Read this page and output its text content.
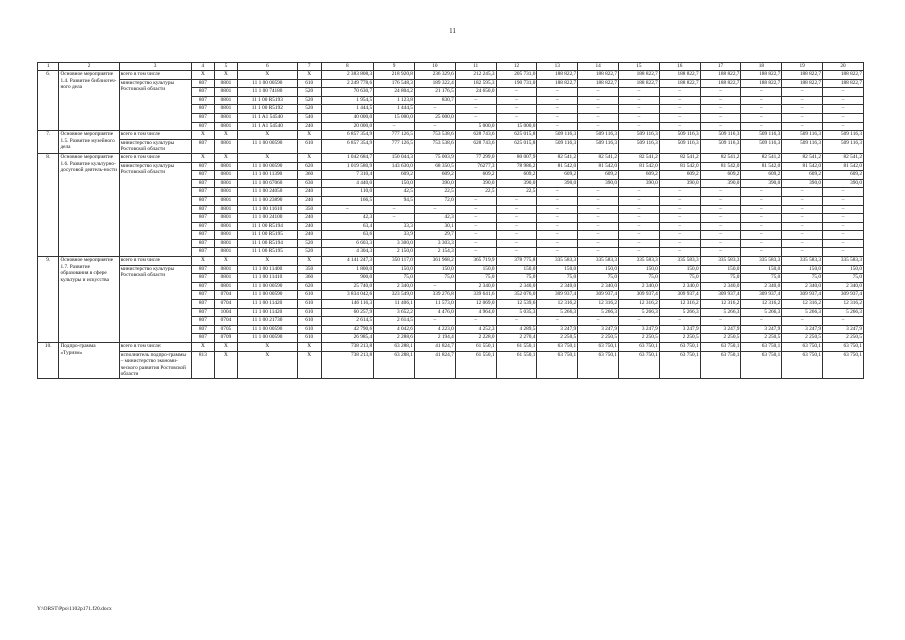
11
1	2	3	4	5	6	7	8	9	10	11	12	13	14	15	16	17	18	19	20
6.	Основное мероприятие 1.4. Развитие библиотеч-ного дела	всего в том числе	X	X	X	X	2 383 808,3	218 920,8	236 329,6	212 245,3	205 731,0	188 822,7	188 822,7	188 822,7	188 822,7	188 822,7	188 822,7	188 822,7	188 822,7
		министерство культуры Ростовской области	807	0801	11 1 00 00590	610	2 249 778,6	176 548,3	189 322,4	182 595,3	190 731,0	188 822,7	188 822,7	188 822,7	188 822,7	188 822,7	188 822,7	188 822,7	188 822,7
			807	0801	11 1 00 74180	520	70 630,7	24 804,2	21 176,5	24 650,0	–	–	–	–	–	–	–	–	–
			807	0801	11 1 00 R5193	520	1 954,5	1 123,8	830,7	–	–	–	–	–	–	–	–	–	–
			807	0801	11 1 00 R5192	520	1 444,5	1 444,5	–	–	–	–	–	–	–	–	–	–	–
			807	0801	11 1 A1 54540	540	40 000,0	15 000,0	25 000,0	–	–	–	–	–	–	–	–	–	–
			807	0801	11 1 A1 54540	240	20 000,0	–	–	5 000,0	15 000,0	–	–	–	–	–	–	–	–
7.	Основное мероприятие 1.5. Развитие музейного дела	всего в том числе	X	X	X	X	6 857 354,9	777 126,5	753 538,6	628 743,6	625 015,8	509 116,3	509 116,3	509 116,3	509 116,3	509 116,3	509 116,3	509 116,3	509 116,3
		министерство культуры Ростовской области	807	0801	11 1 00 00590	610	6 857 354,9	777 126,5	753 538,6	628 743,6	625 015,8	509 116,3	509 116,3	509 116,3	509 116,3	509 116,3	509 116,3	509 116,3	509 116,3
8.	Основное мероприятие 1.6. Развитие культурно-досуговой деятель-ности	всего в том числе	X	X	X	X	1 042 684,7	150 044,3	75 003,9	77 299,0	80 007,9	82 541,2	82 541,2	82 541,2	82 541,2	82 541,2	82 541,2	82 541,2	82 541,2
		министерство культуры Ростовской области	807	0801	11 1 00 00590	620	1 019 580,9	143 630,0	68 350,5	76277,3	78 986,2	81 542,0	81 542,0	81 542,0	81 542,0	81 542,0	81 542,0	81 542,0	81 542,0
			807	0801	11 1 00 11390	360	7 310,4	609,2	609,2	609,2	609,2	609,2	609,2	609,2	609,2	609,2	609,2	609,2	609,2
			807	0801	11 1 00 67060	630	4 440,0	150,0	390,0	390,0	390,0	390,0	390,0	390,0	390,0	390,0	390,0	390,0	390,0
			807	0801	11 1 00 24050	240	110,0	42,5	22,5	22,5	22,5	–	–	–	–	–	–	–	–
			807	0801	11 1 00 23890	240	166,5	94,5	72,0	–	–	–	–	–	–	–	–	–	–
			807	0801	11 1 00 11610	350	–	–	–	–	–	–	–	–	–	–	–	–	–
			807	0801	11 1 00 24100	240	42,3	–	42,3	–	–	–	–	–	–	–	–	–	–
			807	0801	11 1 00 R5194	240	63,4	33,3	30,1	–	–	–	–	–	–	–	–	–	–
			807	0801	11 1 00 R5195	240	63,6	33,9	29,7	–	–	–	–	–	–	–	–	–	–
			807	0801	11 1 00 R5194	520	6 603,3	3 300,0	3 303,3	–	–	–	–	–	–	–	–	–	–
			807	0801	11 1 00 R5195	520	4 304,3	2 150,0	2 154,3	–	–	–	–	–	–	–	–	–	–
9.	Основное мероприятие 1.7. Развитие образования в сфере культуры и искусства	всего в том числе	X	X	X	X	4 141 247,3	350 117,0	361 968,2	365 719,9	378 775,8	335 583,3	335 583,3	335 583,3	335 583,3	335 583,3	335 583,3	335 583,3	335 583,3
		министерство культуры Ростовской области	807	0801	11 1 00 11400	350	1 800,0	150,0	150,0	150,0	150,0	150,0	150,0	150,0	150,0	150,0	150,0	150,0	150,0
			807	0801	11 1 00 11410	360	900,0	75,0	75,0	75,0	75,0	75,0	75,0	75,0	75,0	75,0	75,0	75,0	75,0
			807	0801	11 1 00 00590	620	25 740,0	2 340,0	–	2 340,0	2 340,0	2 340,0	2 340,0	2 340,0	2 340,0	2 340,0	2 340,0	2 340,0	2 340,0
			807	0704	11 1 00 00590	610	3 834 042,6	323 549,0	339 276,8	339 641,6	352 076,0	309 937,4	309 937,4	309 937,4	309 937,4	309 937,4	309 937,4	309 937,4	309 937,4
			807	0704	11 1 00 11420	610	146 116,3	11 406,1	11 573,0	12 069,0	12 539,6	12 316,2	12 316,2	12 316,2	12 316,2	12 316,2	12 316,2	12 316,2	12 316,2
			807	1004	11 1 00 11420	610	60 257,9	3 652,2	4 476,0	4 964,0	5 035,3	5 266,3	5 266,3	5 266,3	5 266,3	5 266,3	5 266,3	5 266,3	5 266,3
			807	0704	11 1 00 21730	610	2 614,5	2 614,5	–	–	–	–	–	–	–	–	–	–	–
			807	0705	11 1 00 00590	610	42 790,6	4 042,6	4 223,0	4 252,3	4 289,5	3 247,9	3 247,9	3 247,9	3 247,9	3 247,9	3 247,9	3 247,9	3 247,9
			807	0709	11 1 00 00590	610	26 985,4	2 288,6	2 194,4	2 228,0	2 270,4	2 250,5	2 250,5	2 250,5	2 250,5	2 250,5	2 250,5	2 250,5	2 250,5
10.	Подпро-грамма «Туризм»	всего в том числе:	X	X	X	X	738 213,8	63 288,1	41 824,7	61 550,1	61 550,1	63 750,1	63 750,1	63 750,1	63 750,1	63 750,1	63 750,1	63 750,1	63 750,1
		исполнитель подпро-граммы – министерство экономи-ческого развития Ростовской области	813	X	X	X	738 213,8	63 288,1	41 824,7	61 550,1	61 550,1	63 750,1	63 750,1	63 750,1	63 750,1	63 750,1	63 750,1	63 750,1	63 750,1
Y:\ORST\Ppo\1102p171.f20.docx
